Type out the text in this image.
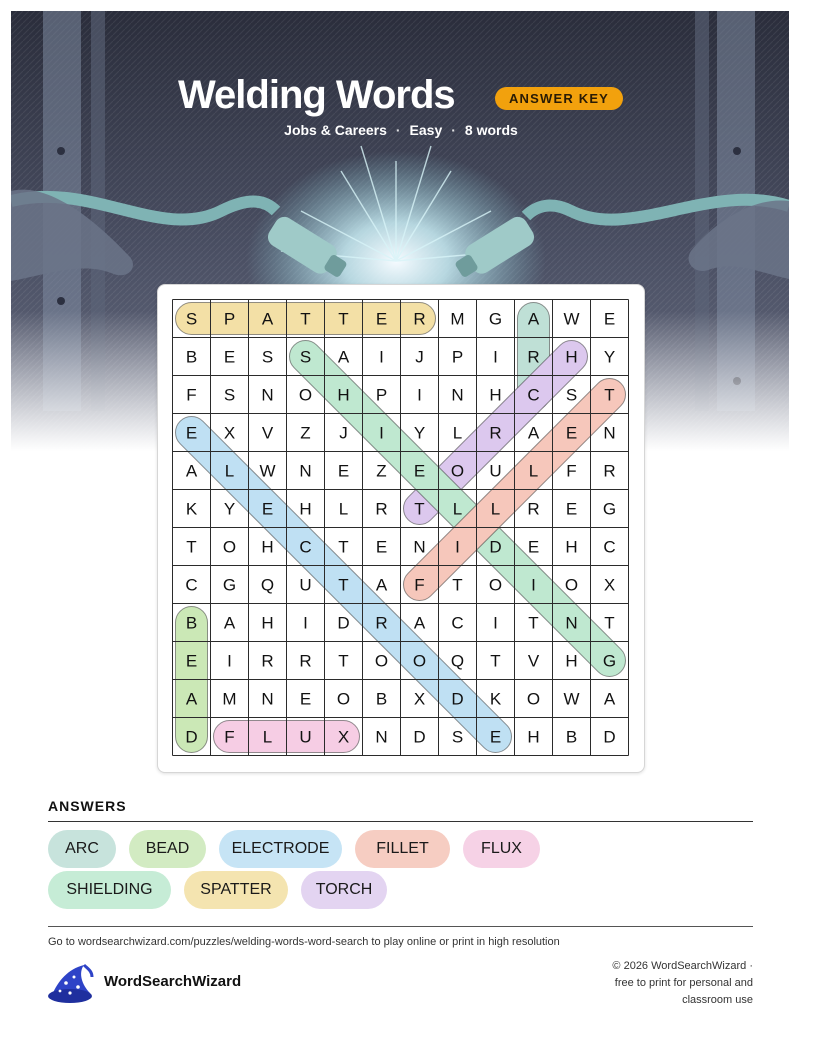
Welding Words	ANSWER KEY
Jobs & Careers · Easy · 8 words
S P A T T E R M G A W E
B E S S A I J P I R H Y
F S N O H P I N H C S T
E X V Z J I Y L R A E N
A L W N E Z E O U L F R
K Y E H L R T L L R E G
T O H C T E N I D E H C
C G Q U T A F T O I O X
B A H I D R A C I T N T
E I R R T O O Q T V H G
A M N E O B X D K O W A
D F L U X N D S E H B D
ANSWERS
ARC	BEAD	ELECTRODE	FILLET	FLUX
SHIELDING	SPATTER	TORCH
Go to wordsearchwizard.com/puzzles/welding-words-word-search to play online or print in high resolution
WordSearchWizard
© 2026 WordSearchWizard ·
free to print for personal and
classroom use
